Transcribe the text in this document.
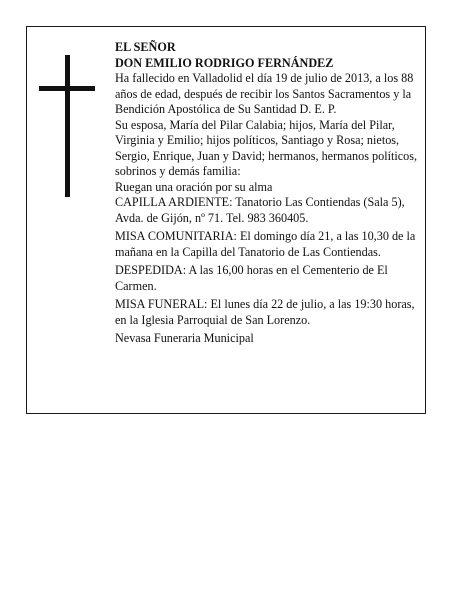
EL SEÑOR

DON EMILIO RODRIGO FERNÁNDEZ

Ha fallecido en Valladolid el día 19 de julio de 2013, a los 88 años de edad, después de recibir los Santos Sacramentos y la Bendición Apostólica de Su Santidad D. E. P.

Su esposa, María del Pilar Calabia; hijos, María del Pilar, Virginia y Emilio; hijos políticos, Santiago y Rosa; nietos, Sergio, Enrique, Juan y David; hermanos, hermanos políticos, sobrinos y demás familia:

Ruegan una oración por su alma

CAPILLA ARDIENTE: Tanatorio Las Contiendas (Sala 5), Avda. de Gijón, nº 71. Tel. 983 360405.

MISA COMUNITARIA: El domingo día 21, a las 10,30 de la mañana en la Capilla del Tanatorio de Las Contiendas.

DESPEDIDA: A las 16,00 horas en el Cementerio de El Carmen.

MISA FUNERAL: El lunes día 22 de julio, a las 19:30 horas, en la Iglesia Parroquial de San Lorenzo.

Nevasa Funeraria Municipal
